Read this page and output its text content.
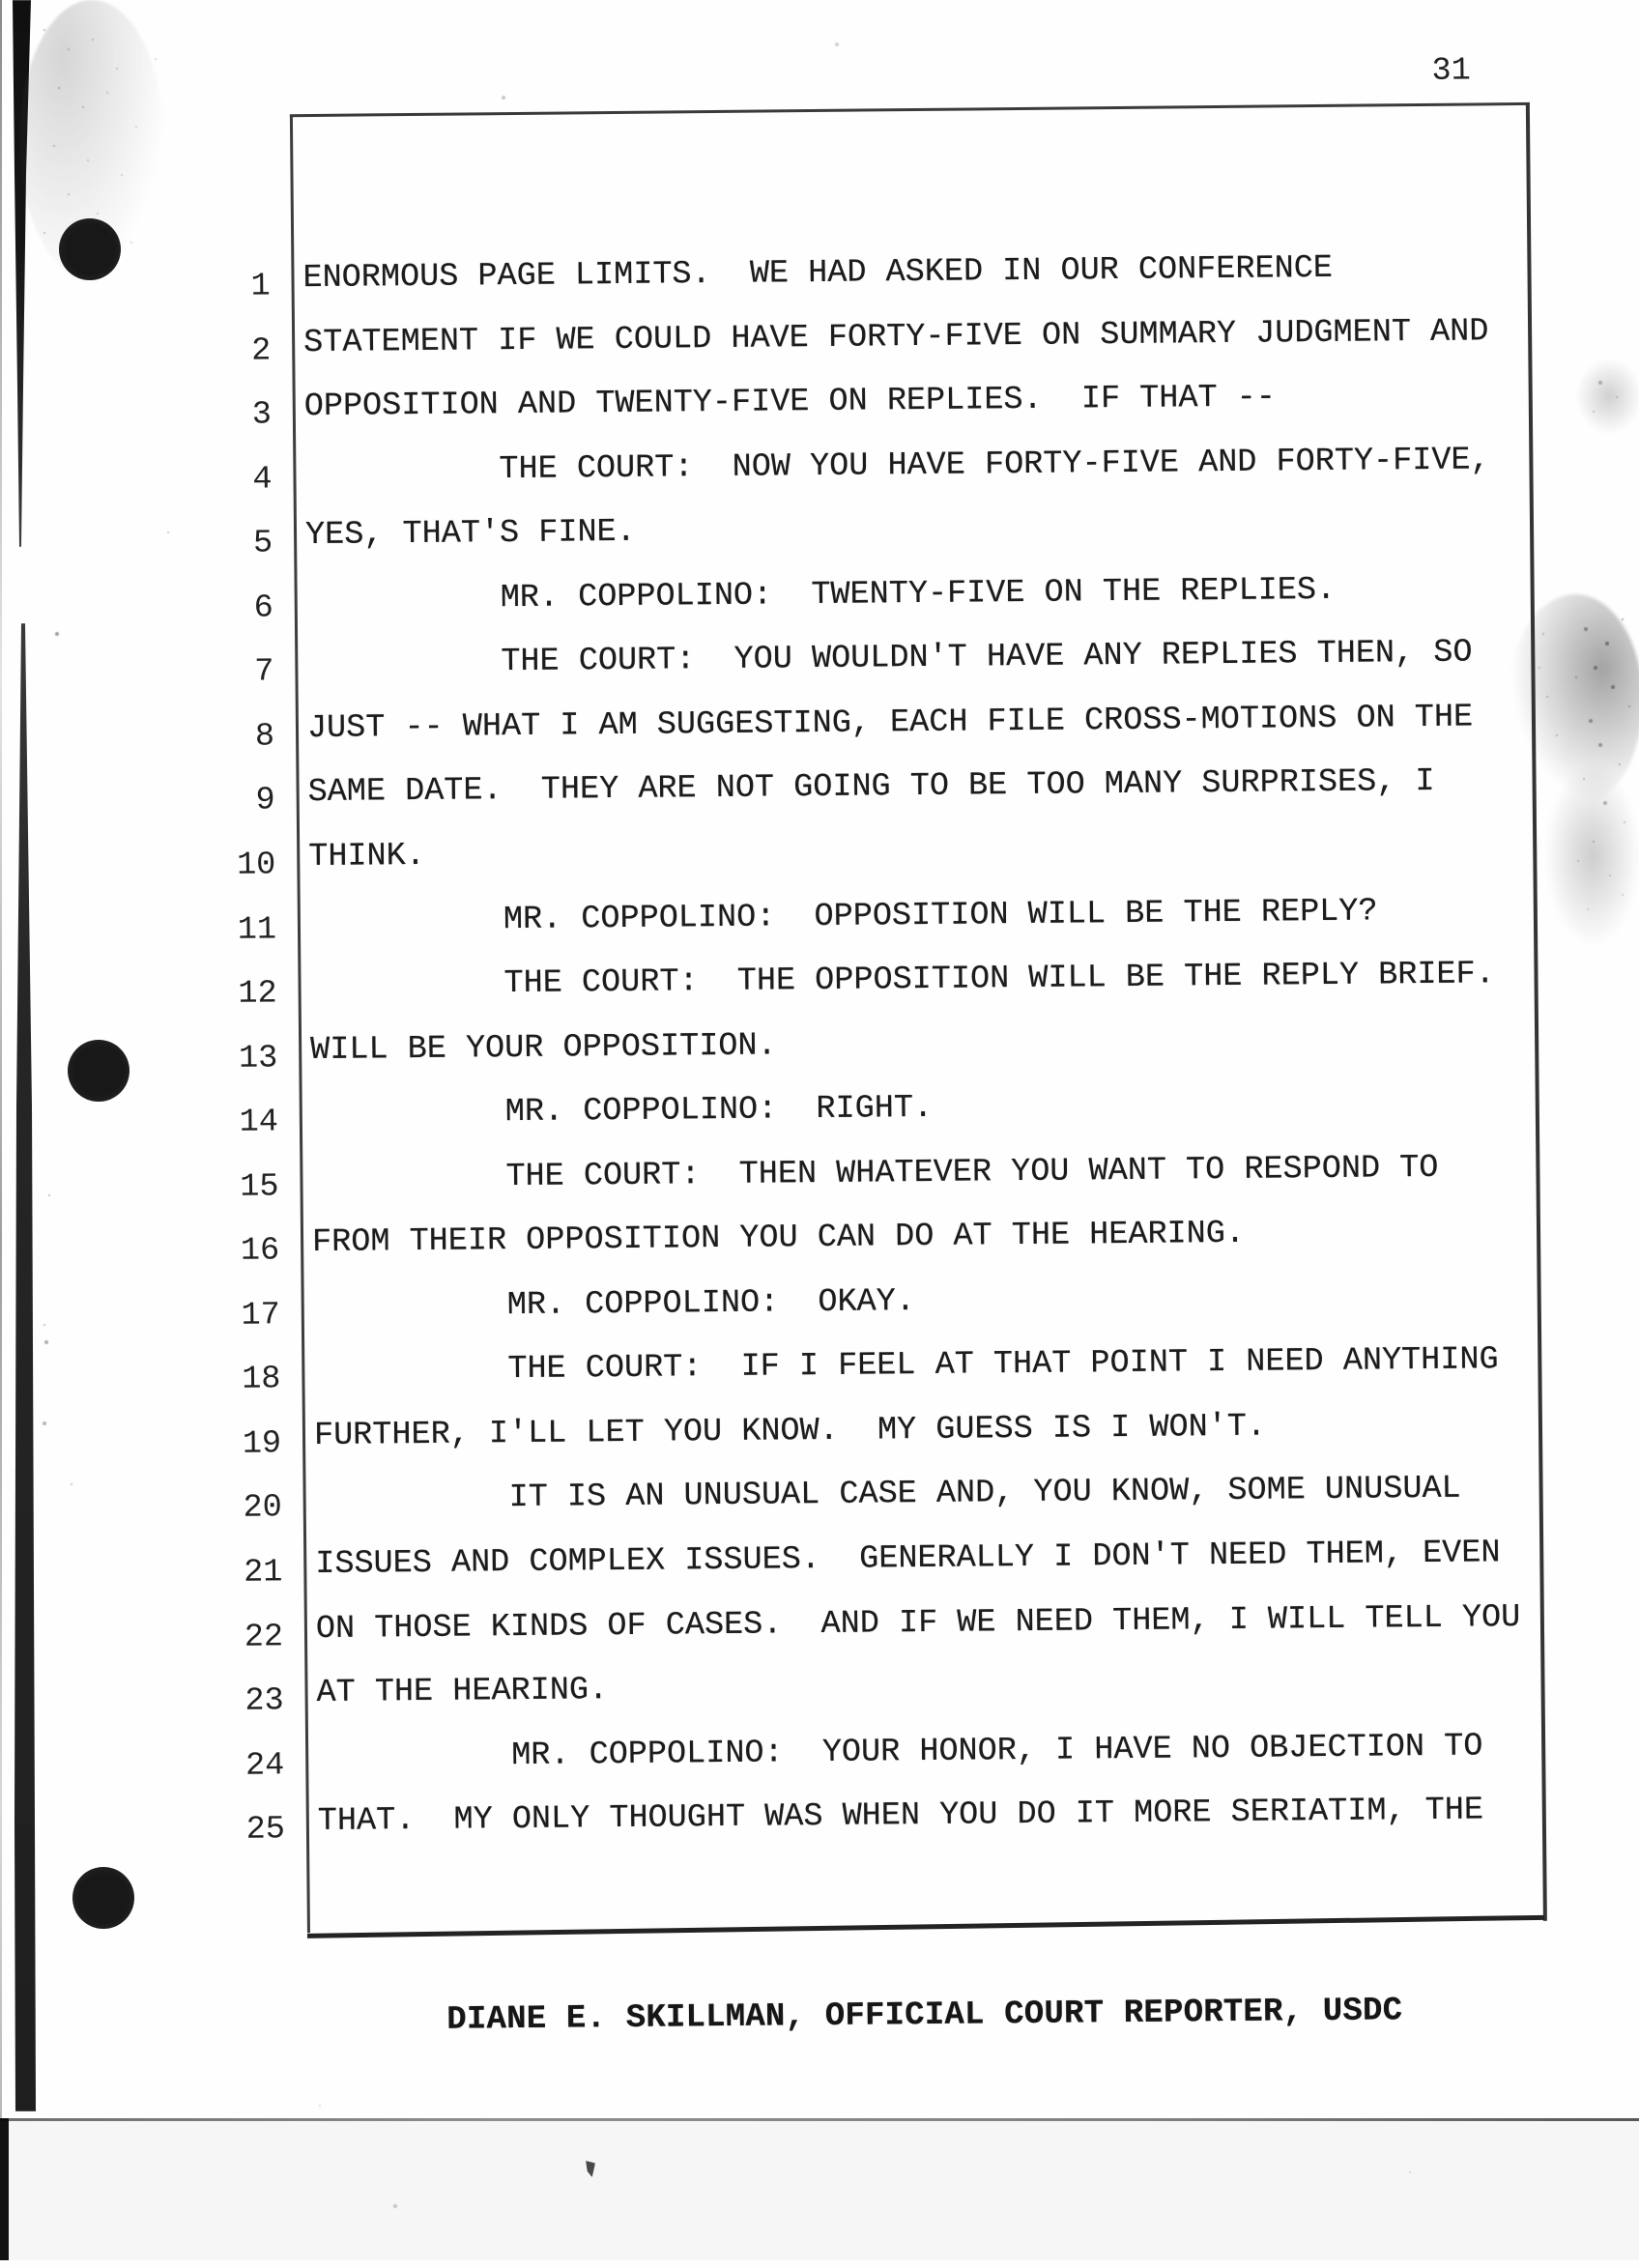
31
1 ENORMOUS PAGE LIMITS.  WE HAD ASKED IN OUR CONFERENCE
2 STATEMENT IF WE COULD HAVE FORTY-FIVE ON SUMMARY JUDGMENT AND
3 OPPOSITION AND TWENTY-FIVE ON REPLIES.  IF THAT --
4 THE COURT:  NOW YOU HAVE FORTY-FIVE AND FORTY-FIVE,
5 YES, THAT'S FINE.
6 MR. COPPOLINO:  TWENTY-FIVE ON THE REPLIES.
7 THE COURT:  YOU WOULDN'T HAVE ANY REPLIES THEN, SO
8 JUST -- WHAT I AM SUGGESTING, EACH FILE CROSS-MOTIONS ON THE
9 SAME DATE.  THEY ARE NOT GOING TO BE TOO MANY SURPRISES, I
10 THINK.
11 MR. COPPOLINO:  OPPOSITION WILL BE THE REPLY?
12 THE COURT:  THE OPPOSITION WILL BE THE REPLY BRIEF.
13 WILL BE YOUR OPPOSITION.
14 MR. COPPOLINO:  RIGHT.
15 THE COURT:  THEN WHATEVER YOU WANT TO RESPOND TO
16 FROM THEIR OPPOSITION YOU CAN DO AT THE HEARING.
17 MR. COPPOLINO:  OKAY.
18 THE COURT:  IF I FEEL AT THAT POINT I NEED ANYTHING
19 FURTHER, I'LL LET YOU KNOW.  MY GUESS IS I WON'T.
20 IT IS AN UNUSUAL CASE AND, YOU KNOW, SOME UNUSUAL
21 ISSUES AND COMPLEX ISSUES.  GENERALLY I DON'T NEED THEM, EVEN
22 ON THOSE KINDS OF CASES.  AND IF WE NEED THEM, I WILL TELL YOU
23 AT THE HEARING.
24 MR. COPPOLINO:  YOUR HONOR, I HAVE NO OBJECTION TO
25 THAT.  MY ONLY THOUGHT WAS WHEN YOU DO IT MORE SERIATIM, THE
DIANE E. SKILLMAN, OFFICIAL COURT REPORTER, USDC
